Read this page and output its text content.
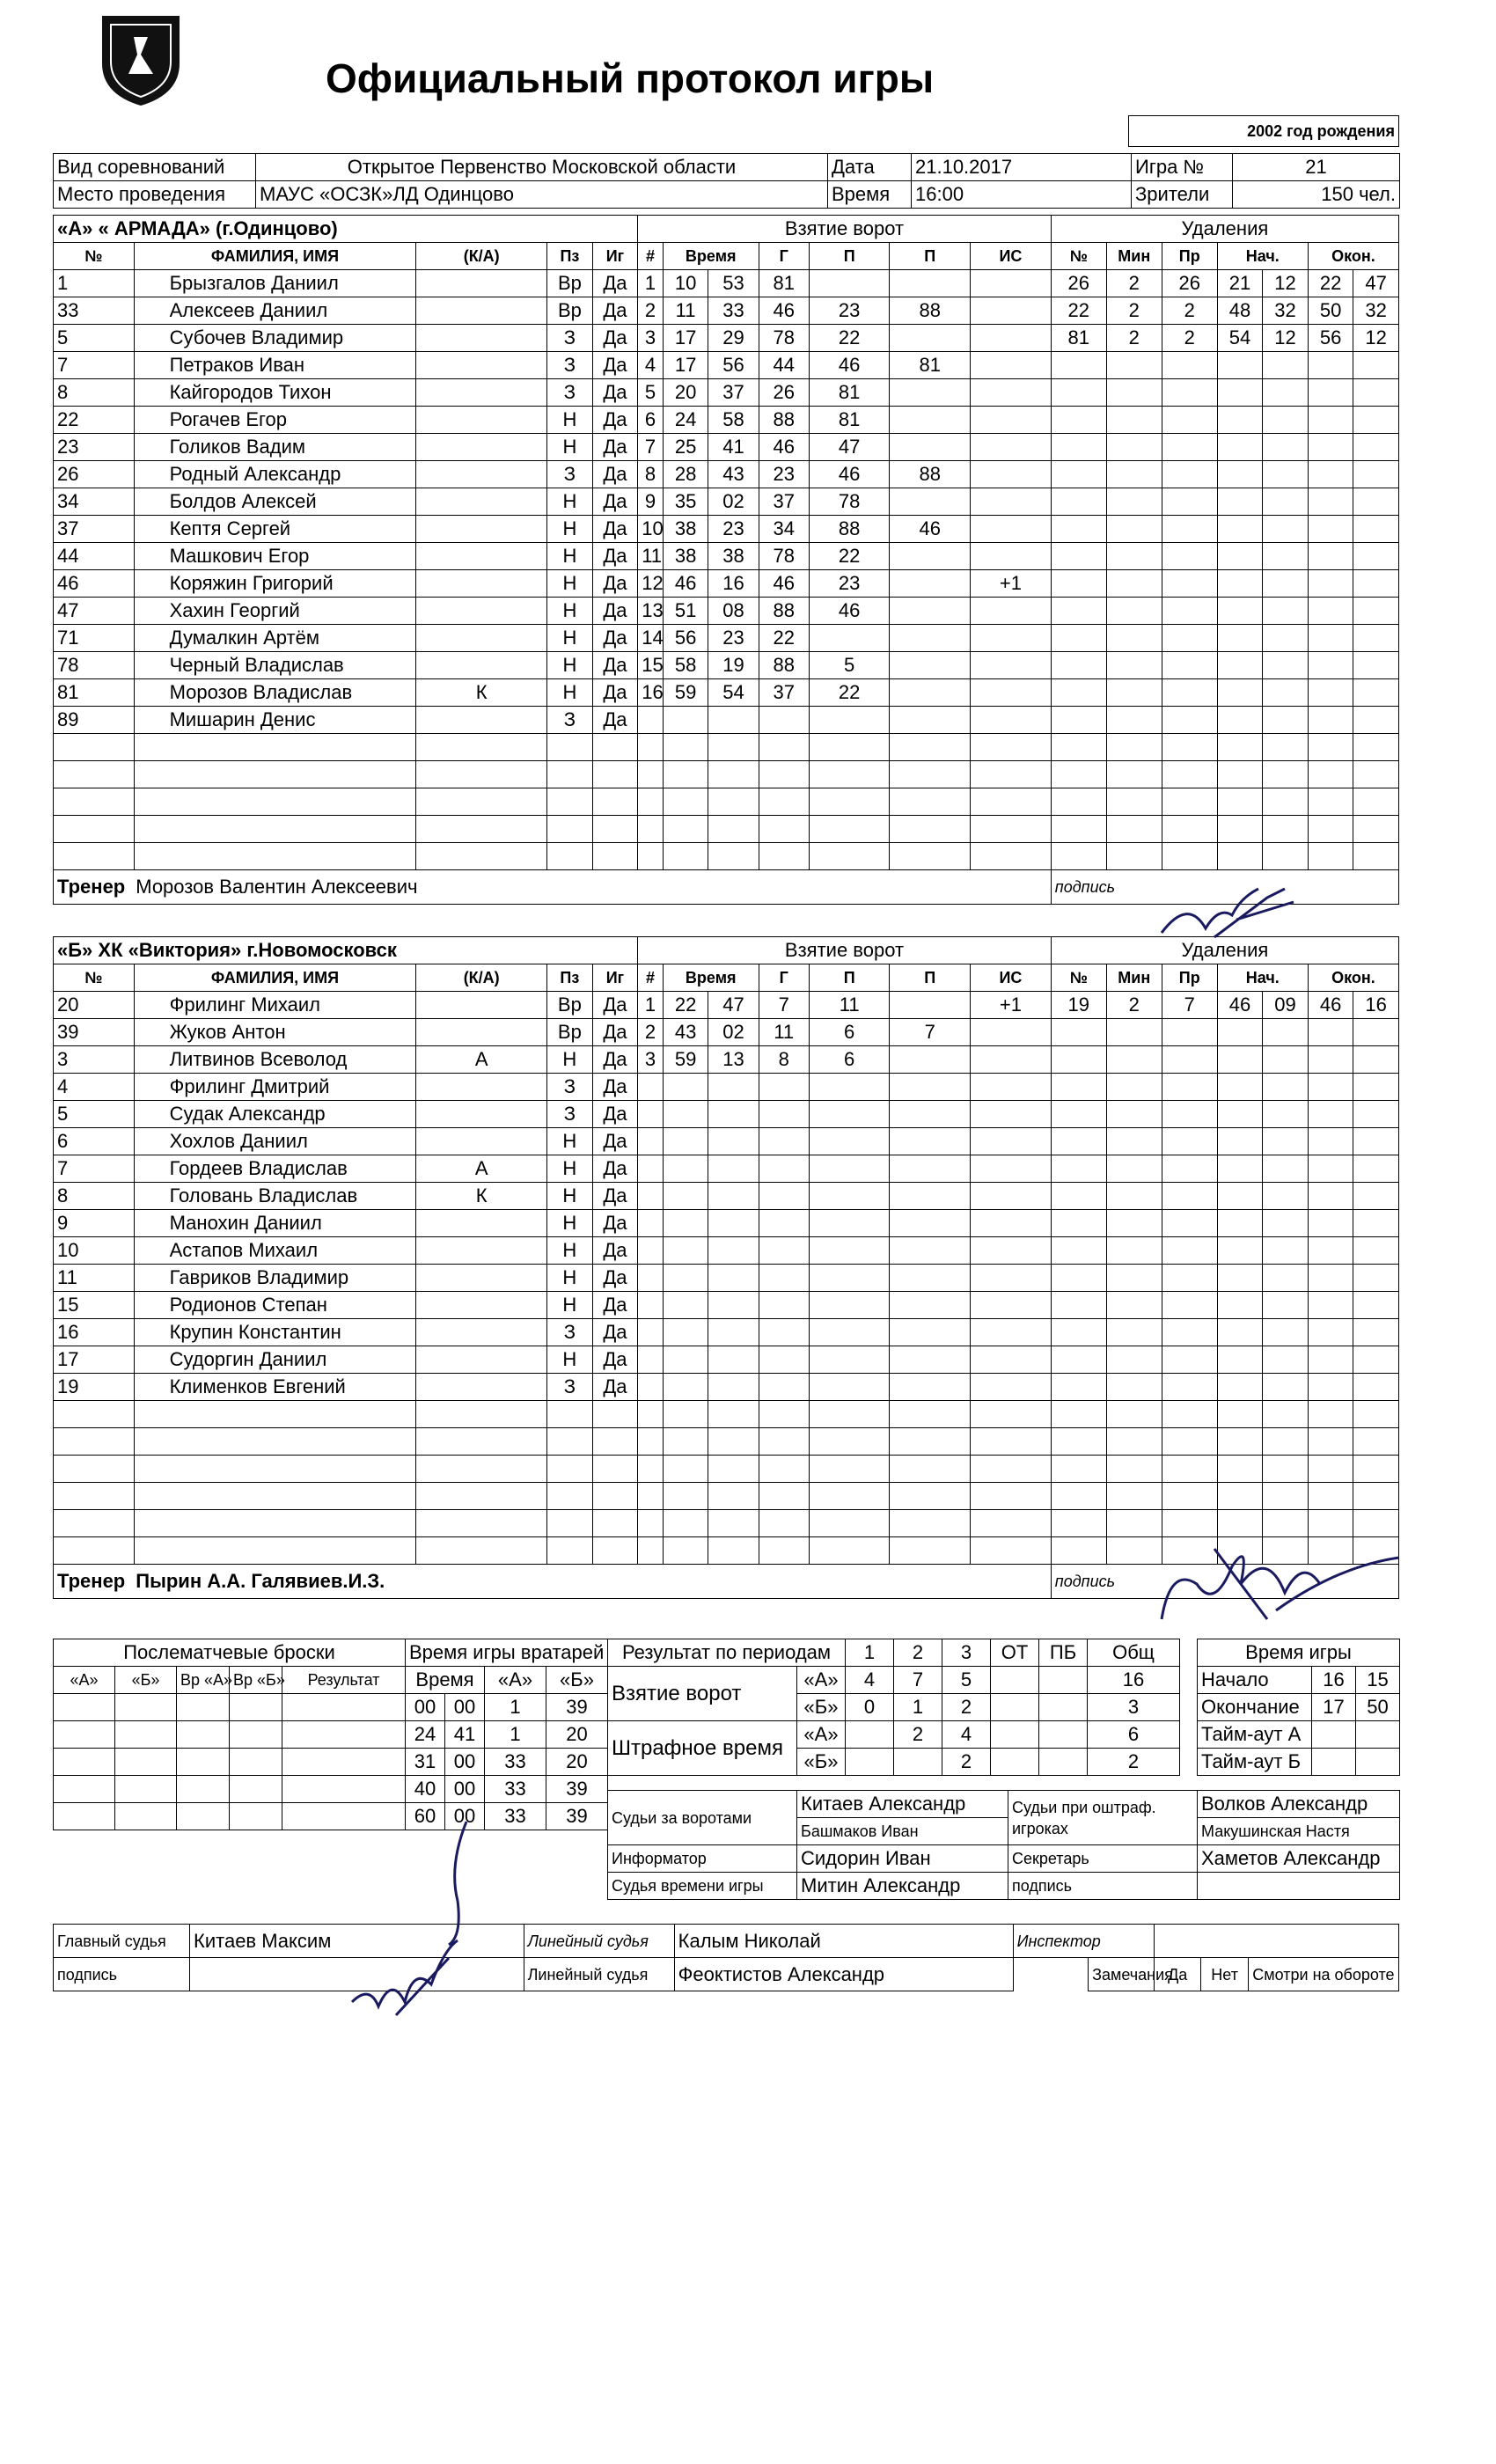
Официальный протокол игры
2002 год рождения
Вид соревнований	Открытое Первенство Московской области	Дата	21.10.2017	Игра №	21
Место проведения	МАУС «ОСЗК»ЛД Одинцово	Время	16:00	Зрители	150 чел.
«А» « АРМАДА» (г.Одинцово)					Взятие ворот							Удаления						
№	ФАМИЛИЯ, ИМЯ	(К/А)	Пз	Иг	#	Время		Г	П	П	ИС	№	Мин	Пр	Нач.		Окон.	
1	Брызгалов Даниил		Вр	Да	1	10	53	81				26	2	26	21	12	22	47
33	Алексеев Даниил		Вр	Да	2	11	33	46	23	88		22	2	2	48	32	50	32
5	Субочев Владимир		З	Да	3	17	29	78	22			81	2	2	54	12	56	12
7	Петраков Иван		З	Да	4	17	56	44	46	81								
8	Кайгородов Тихон		З	Да	5	20	37	26	81									
22	Рогачев Егор		Н	Да	6	24	58	88	81									
23	Голиков Вадим		Н	Да	7	25	41	46	47									
26	Родный Александр		З	Да	8	28	43	23	46	88								
34	Болдов Алексей		Н	Да	9	35	02	37	78									
37	Кептя Сергей		Н	Да	10	38	23	34	88	46								
44	Машкович Егор		Н	Да	11	38	38	78	22									
46	Коряжин Григорий		Н	Да	12	46	16	46	23		+1							
47	Хахин Георгий		Н	Да	13	51	08	88	46									
71	Думалкин Артём		Н	Да	14	56	23	22										
78	Черный Владислав		Н	Да	15	58	19	88	5									
81	Морозов Владислав	К	Н	Да	16	59	54	37	22									
89	Мишарин Денис		З	Да														

Тренер Морозов Валентин Алексеевич												подпись						
«Б» ХК «Виктория» г.Новомосковск					Взятие ворот							Удаления						
№	ФАМИЛИЯ, ИМЯ	(К/А)	Пз	Иг	#	Время		Г	П	П	ИС	№	Мин	Пр	Нач.		Окон.	
20	Фрилинг Михаил		Вр	Да	1	22	47	7	11		+1	19	2	7	46	09	46	16
39	Жуков Антон		Вр	Да	2	43	02	11	6	7								
3	Литвинов Всеволод	А	Н	Да	3	59	13	8	6									
4	Фрилинг Дмитрий		З	Да														
5	Судак Александр		З	Да														
6	Хохлов Даниил		Н	Да														
7	Гордеев Владислав	А	Н	Да														
8	Головань Владислав	К	Н	Да														
9	Манохин Даниил		Н	Да														
10	Астапов Михаил		Н	Да														
11	Гавриков Владимир		Н	Да														
15	Родионов Степан		Н	Да														
16	Крупин Константин		З	Да														
17	Судоргин Даниил		Н	Да														
19	Клименков Евгений		З	Да														

Тренер Пырин А.А. Галявиев.И.З.												подпись						
Послематчевые броски				
«А»	«Б»	Вр «А»	Вр «Б»	Результат

Время игры вратарей			
Время		«А»	«Б»
00	00	1	39
24	41	1	20
31	00	33	20
40	00	33	39
60	00	33	39
Результат по периодам		1	2	3	ОТ	ПБ	Общ
Взятие ворот	«А»	4	7	5			16
	«Б»	0	1	2			3
Штрафное время	«А»		2	4			6
	«Б»			2			2
Время игры		
Начало	16	15
Окончание	17	50
Тайм-аут А		
Тайм-аут Б		
Судьи за воротами	Китаев Александр	Судьи при оштраф. игроках	Волков Александр
	Башмаков Иван		Макушинская Настя
Информатор	Сидорин Иван	Секретарь	Хаметов Александр
Судья времени игры	Митин Александр	подпись	
Главный судья	Китаев Максим	Линейный судья	Калым Николай	Инспектор				
подпись		Линейный судья	Феоктистов Александр		Замечания	Да	Нет	Смотри на обороте
